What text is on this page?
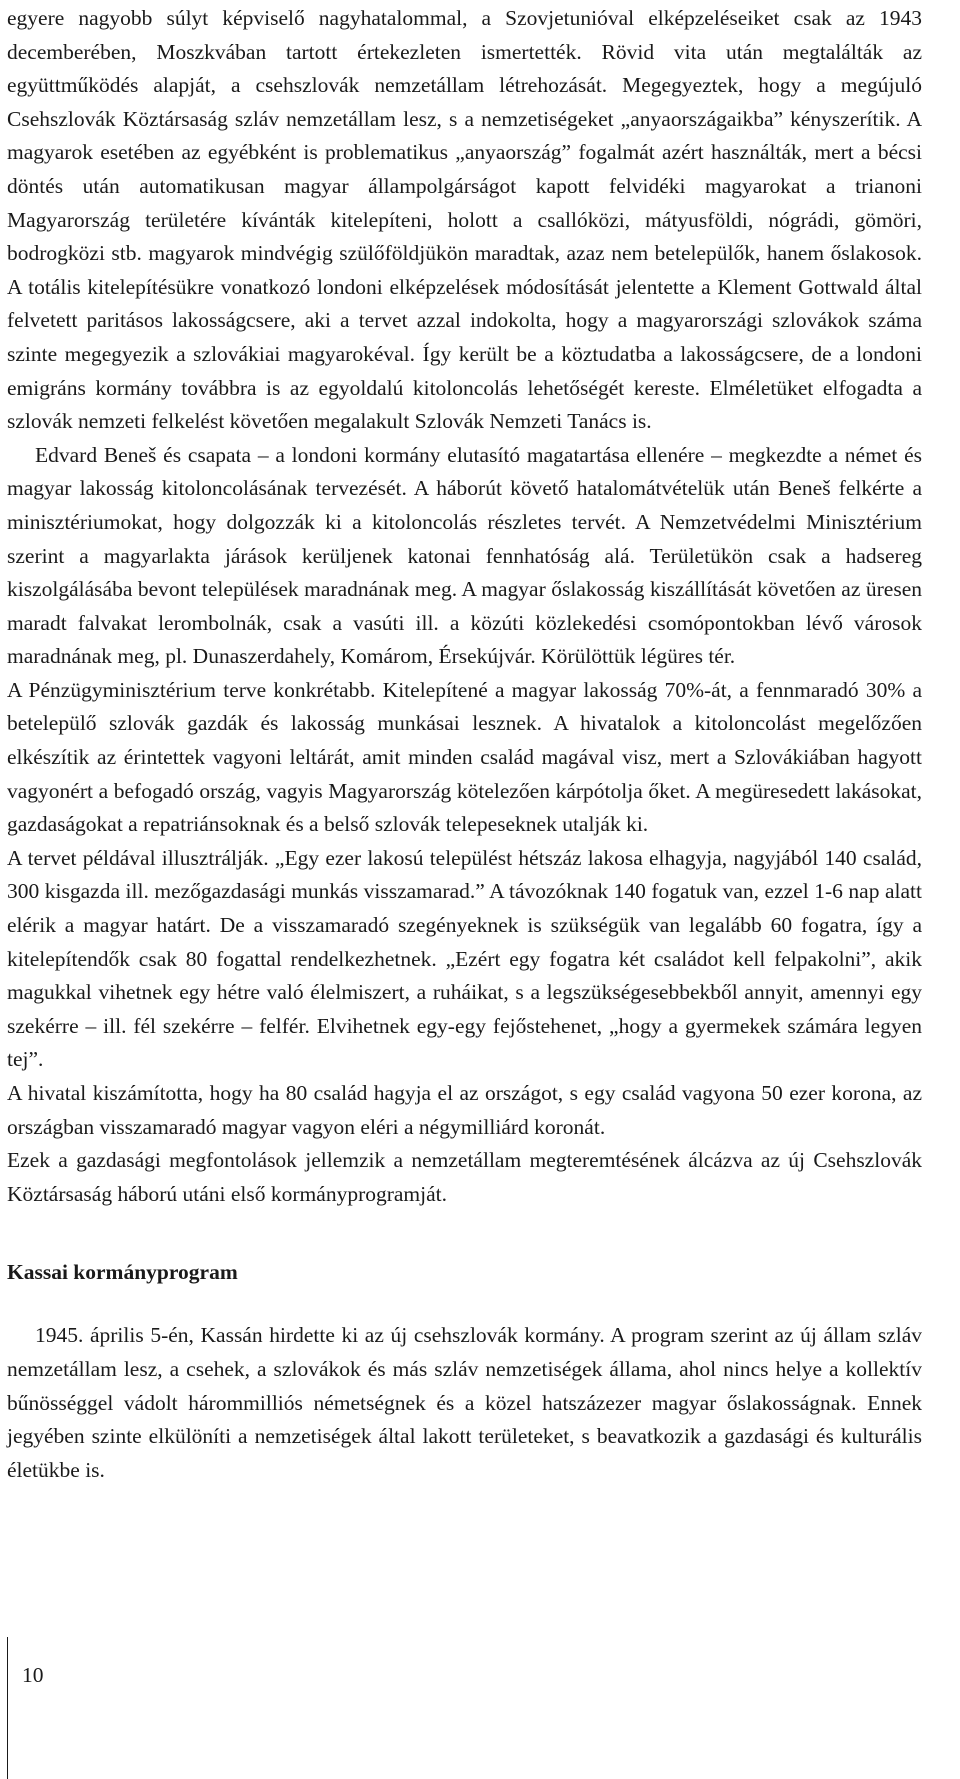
egyere nagyobb súlyt képviselő nagyhatalommal, a Szovjetunióval elképzeléseiket csak az 1943 decemberében, Moszkvában tartott értekezleten ismertették. Rövid vita után megtalálták az együttműködés alapját, a csehszlovák nemzetállam létrehozását. Megegyeztek, hogy a megújuló Csehszlovák Köztársaság szláv nemzetállam lesz, s a nemzetiségeket „anyaországaikba” kényszerítik. A magyarok esetében az egyébként is problematikus „anyaország” fogalmát azért használták, mert a bécsi döntés után automatikusan magyar állampolgárságot kapott felvidéki magyarokat a trianoni Magyarország területére kívánták kitelepíteni, holott a csallóközi, mátyusföldi, nógrádi, gömöri, bodrogközi stb. magyarok mindvégig szülőföldjükön maradtak, azaz nem betelepülők, hanem őslakosok. A totális kitelepítésükre vonatkozó londoni elképzelések módosítását jelentette a Klement Gottwald által felvetett paritásos lakosságcsere, aki a tervet azzal indokolta, hogy a magyarországi szlovákok száma szinte megegyezik a szlovákiai magyarokéval. Így került be a köztudatba a lakosságcsere, de a londoni emigráns kormány továbbra is az egyoldalú kitoloncolás lehetőségét kereste. Elméletüket elfogadta a szlovák nemzeti felkelést követően megalakult Szlovák Nemzeti Tanács is.

Edvard Beneš és csapata – a londoni kormány elutasító magatartása ellenére – megkezdte a német és magyar lakosság kitoloncolásának tervezését. A háborút követő hatalomátvételük után Beneš felkérte a minisztériumokat, hogy dolgozzák ki a kitoloncolás részletes tervét. A Nemzetvédelmi Minisztérium szerint a magyarlakta járások kerüljenek katonai fennhatóság alá. Területükön csak a hadsereg kiszolgálásába bevont települések maradnának meg. A magyar őslakosság kiszállítását követően az üresen maradt falvakat lerombolnák, csak a vasúti ill. a közúti közlekedési csomópontokban lévő városok maradnának meg, pl. Dunaszerdahely, Komárom, Érsekújvár. Körülöttük légüres tér.

A Pénzügyminisztérium terve konkrétabb. Kitelepítené a magyar lakosság 70%-át, a fennmaradó 30% a betelepülő szlovák gazdák és lakosság munkásai lesznek. A hivatalok a kitoloncolást megelőzően elkészítik az érintettek vagyoni leltárát, amit minden család magával visz, mert a Szlovákiában hagyott vagyonért a befogadó ország, vagyis Magyarország kötelezően kárpótolja őket. A megüresedett lakásokat, gazdaságokat a repatriánsoknak és a belső szlovák telepeseknek utalják ki.

A tervet példával illusztrálják. „Egy ezer lakosú települést hétszáz lakosa elhagyja, nagyjából 140 család, 300 kisgazda ill. mezőgazdasági munkás visszamarad.” A távozóknak 140 fogatuk van, ezzel 1-6 nap alatt elérik a magyar határt. De a visszamaradó szegényeknek is szükségük van legalább 60 fogatra, így a kitelepítendők csak 80 fogattal rendelkezhetnek. „Ezért egy fogatra két családot kell felpakolni”, akik magukkal vihetnek egy hétre való élelmiszert, a ruháikat, s a legszükségesebbekből annyit, amennyi egy szekérre – ill. fél szekérre – felfér. Elvihetnek egy-egy fejőstehenet, „hogy a gyermekek számára legyen tej”.

A hivatal kiszámította, hogy ha 80 család hagyja el az országot, s egy család vagyona 50 ezer korona, az országban visszamaradó magyar vagyon eléri a négymilliárd koronát.

Ezek a gazdasági megfontolások jellemzik a nemzetállam megteremtésének álcázva az új Csehszlovák Köztársaság háború utáni első kormányprogramját.

Kassai kormányprogram

1945. április 5-én, Kassán hirdette ki az új csehszlovák kormány. A program szerint az új állam szláv nemzetállam lesz, a csehek, a szlovákok és más szláv nemzetiségek állama, ahol nincs helye a kollektív bűnösséggel vádolt hárommilliós németségnek és a közel hatszázezer magyar őslakosságnak. Ennek jegyében szinte elkülöníti a nemzetiségek által lakott területeket, s beavatkozik a gazdasági és kulturális életükbe is.

10
